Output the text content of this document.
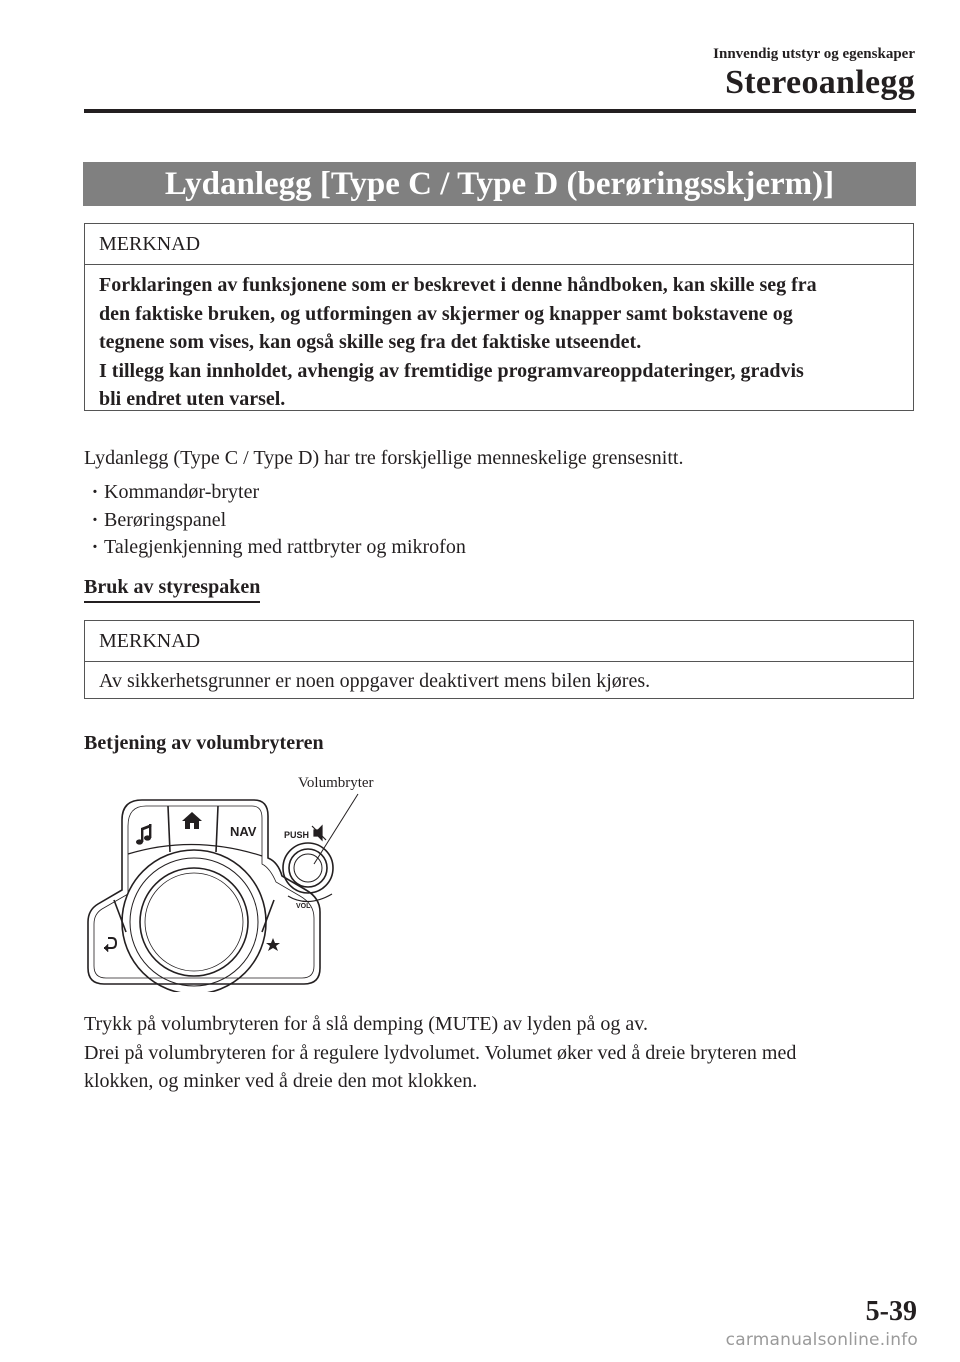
Innvendig utstyr og egenskaper
Stereoanlegg
Lydanlegg [Type C / Type D (berøringsskjerm)]
MERKNAD
Forklaringen av funksjonene som er beskrevet i denne håndboken, kan skille seg fra
den faktiske bruken, og utformingen av skjermer og knapper samt bokstavene og
tegnene som vises, kan også skille seg fra det faktiske utseendet.
I tillegg kan innholdet, avhengig av fremtidige programvareoppdateringer, gradvis
bli endret uten varsel.
Lydanlegg (Type C / Type D) har tre forskjellige menneskelige grensesnitt.
· Kommandør-bryter
· Berøringspanel
· Talegjenkjenning med rattbryter og mikrofon
Bruk av styrespaken
MERKNAD
Av sikkerhetsgrunner er noen oppgaver deaktivert mens bilen kjøres.
Betjening av volumbryteren
NAV	PUSH
VOL
Volumbryter
Trykk på volumbryteren for å slå demping (MUTE) av lyden på og av.
Drei på volumbryteren for å regulere lydvolumet. Volumet øker ved å dreie bryteren med
klokken, og minker ved å dreie den mot klokken.
5-39
carmanualsonline.info
